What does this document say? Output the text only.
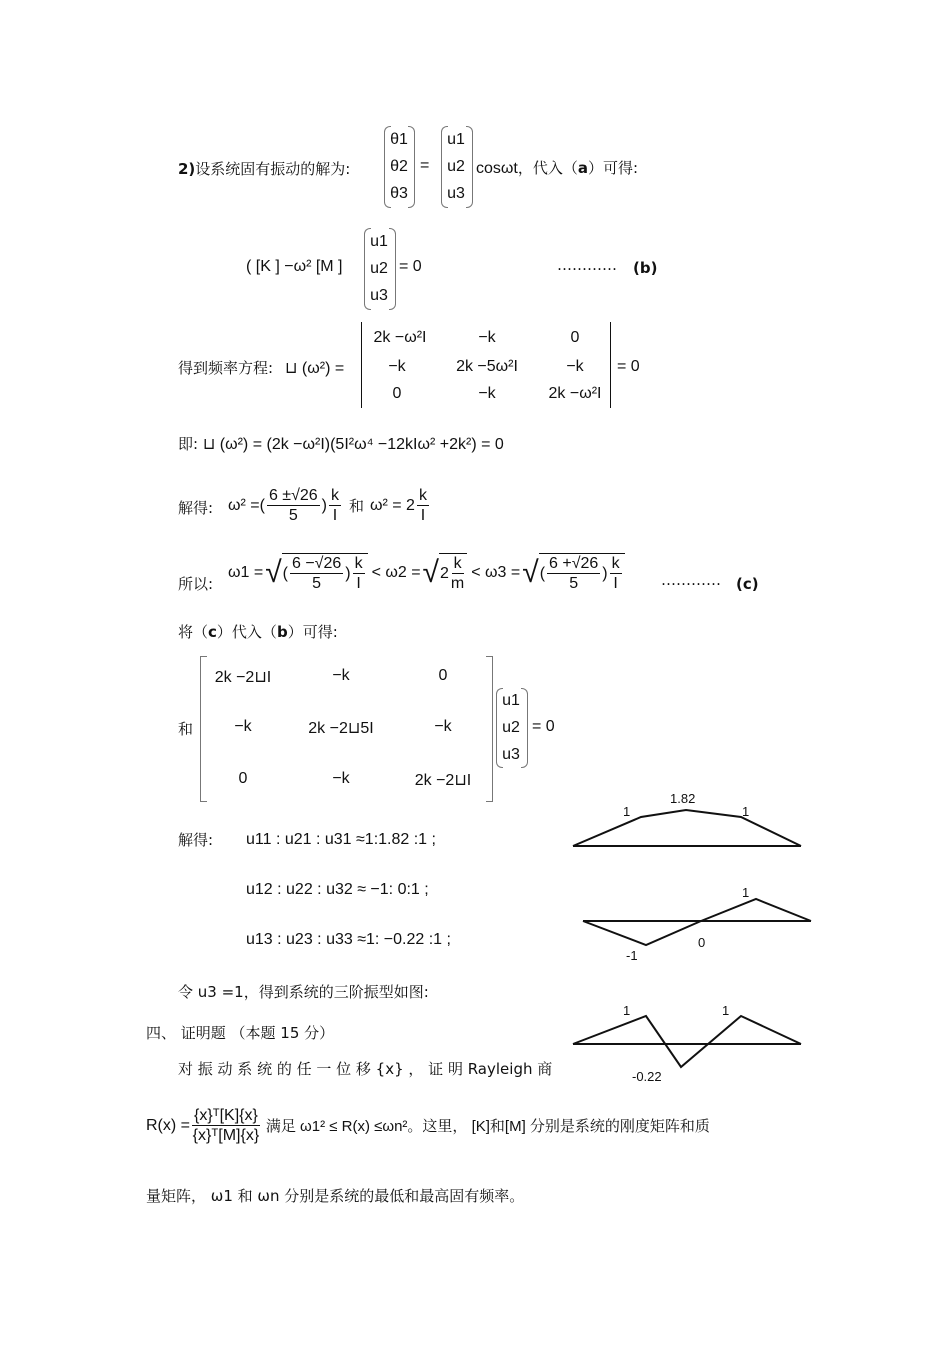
2)设系统固有振动的解为:
θ1
θ2
θ3
=
u1
u2
u3
cosωt，代入（a）可得:
( [K ] −ω² [M ]
u1
u2
u3
= 0	………… (b)
得到频率方程: ⊔ (ω²) =
2k −ω²I	−k	0
−k	2k −5ω²I	−k
0	−k	2k −ω²I
= 0
即: ⊔ (ω²) = (2k −ω²I)(5I²ω⁴ −12kIω² +2k²) = 0
解得: ω² =( $\frac{6 \pm√26}{5}$ ) $\frac{k}{I}$ 和 $\omega^2 = 2 \frac{k}{I}$
所以:
ω1 = √ ( $\frac{6 -√26}{5}$ ) $\frac{k}{I} < \omega 2$ = √ $2 \frac{k}{m} < \omega 3$ = √ ( $\frac{6 +√26}{5}$ ) $\frac{k}{I}$	………… (c)
将（c）代入（b）可得:
和
2k −2⊔I	−k	0
−k	2k −2⊔5I	−k
0	−k	2k −2⊔I
u1
u2
u3
= 0
解得: u11 : u21 : u31 ≈1:1.82 :1 ;
u12 : u22 : u32 ≈ −1: 0:1 ;
u13 : u23 : u33 ≈1: −0.22 :1 ;
令 u3 =1，得到系统的三阶振型如图:
1
1.82
1
-1
0
1
1
-0.22
1
四、 证明题 （本题 15 分）
对 振 动 系 统 的 任 一 位 移 {x} ， 证 明 Rayleigh 商
$R(x) = \frac{\text{\{x\}ᵀ[K]\{x\}}}{\text{\{x\}ᵀ[M]\{x\}}}$ 满足 ω1² ≤ R(x) ≤ωn²。这里， [K]和[M] 分别是系统的刚度矩阵和质
量矩阵， ω1 和 ωn 分别是系统的最低和最高固有频率。
